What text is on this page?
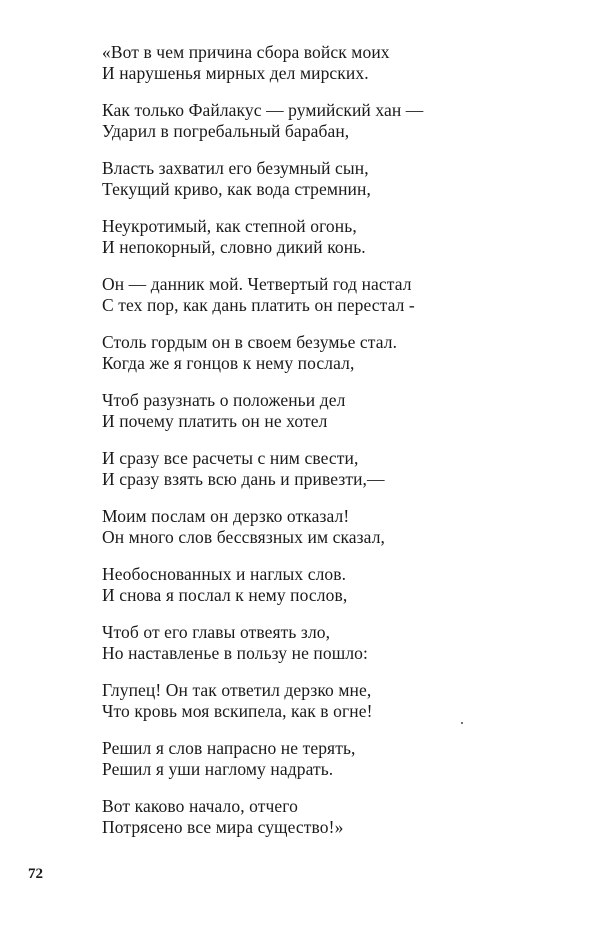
«Вот в чем причина сбора войск моих
И нарушенья мирных дел мирских.
Как только Файлакус — румийский хан —
Ударил в погребальный барабан,
Власть захватил его безумный сын,
Текущий криво, как вода стремнин,
Неукротимый, как степной огонь,
И непокорный, словно дикий конь.
Он — данник мой. Четвертый год настал
С тех пор, как дань платить он перестал -
Столь гордым он в своем безумье стал.
Когда же я гонцов к нему послал,
Чтоб разузнать о положеньи дел
И почему платить он не хотел
И сразу все расчеты с ним свести,
И сразу взять всю дань и привезти,—
Моим послам он дерзко отказал!
Он много слов бессвязных им сказал,
Необоснованных и наглых слов.
И снова я послал к нему послов,
Чтоб от его главы отвеять зло,
Но наставленье в пользу не пошло:
Глупец! Он так ответил дерзко мне,
Что кровь моя вскипела, как в огне!
Решил я слов напрасно не терять,
Решил я уши наглому надрать.
Вот каково начало, отчего
Потрясено все мира существо!»
72
